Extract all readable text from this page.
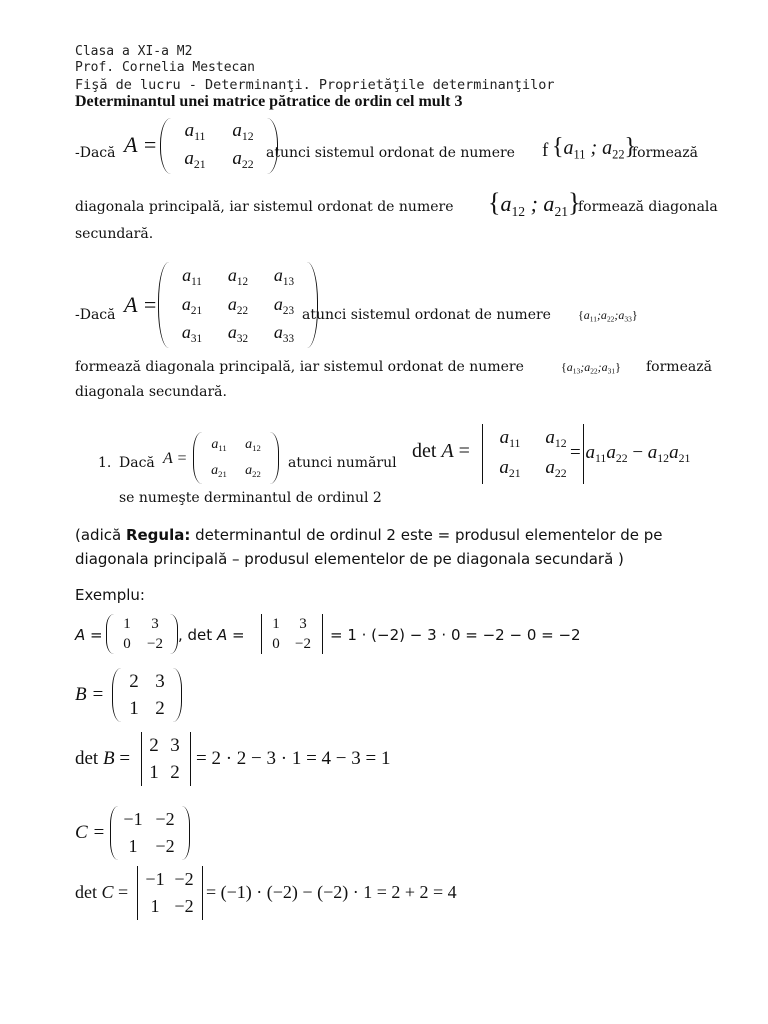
Clasa a XI-a M2
Prof. Cornelia Mestecan
Fişă de lucru - Determinanţi. Proprietăţile determinanţilor
Determinantul unei matrice pătratice de ordin cel mult 3
-Dacă A =
$a_{11}$	$a_{12}$
$a_{21}$	$a_{22}$
atunci sistemul ordonat de numere f {$a_{11}$ ; $a_{22}$}
formează
diagonala principală, iar sistemul ordonat de numere {$a_{12}$ ; $a_{21}$}
formează diagonala
secundară.
-Dacă A =
$a_{11}$	$a_{12}$	$a_{13}$
$a_{21}$	$a_{22}$	$a_{23}$
$a_{31}$	$a_{32}$	$a_{33}$
atunci sistemul ordonat de numere $\{a_{11};a_{22};a_{33}\}$
formează diagonala principală, iar sistemul ordonat de numere	$\{a_{13};a_{22};a_{31}\}$ formează
diagonala secundară.
1. Dacă A =
$a_{11}$	$a_{12}$
$a_{21}$	$a_{22}$
atunci numărul
det A =
$a_{11}$	$a_{12}$
$a_{21}$	$a_{22}$
= $a_{11}a_{22} - a_{12}a_{21}$
se numeşte derminantul de ordinul 2
(adică Regula: determinantul de ordinul 2 este = produsul elementelor de pe
diagonala principală – produsul elementelor de pe diagonala secundară )
Exemplu:
A =
1	3
0	−2	, det A =
1	3
0	−2	= 1 · (−2) − 3 · 0 = −2 − 0 = −2
B =
2 3
1 2
det B =
2 3
1 2
= 2 · 2 − 3 · 1 = 4 − 3 = 1
C =
−1 −2
1 −2
det C =
−1 −2
1 −2
= (−1) · (−2) − (−2) · 1 = 2 + 2 = 4
